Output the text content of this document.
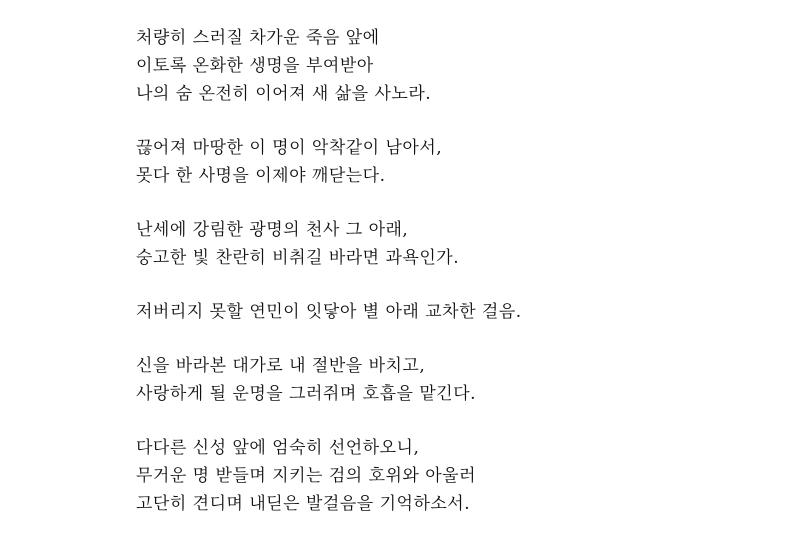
처량히 스러질 차가운 죽음 앞에
이토록 온화한 생명을 부여받아
나의 숨 온전히 이어져 새 삶을 사노라.
끊어져 마땅한 이 명이 악착같이 남아서,
못다 한 사명을 이제야 깨닫는다.
난세에 강림한 광명의 천사 그 아래,
숭고한 빛 찬란히 비취길 바라면 과욕인가.
저버리지 못할 연민이 잇닿아 별 아래 교차한 걸음.
신을 바라본 대가로 내 절반을 바치고,
사랑하게 될 운명을 그러쥐며 호흡을 맡긴다.
다다른 신성 앞에 엄숙히 선언하오니,
무거운 명 받들며 지키는 검의 호위와 아울러
고단히 견디며 내딛은 발걸음을 기억하소서.
